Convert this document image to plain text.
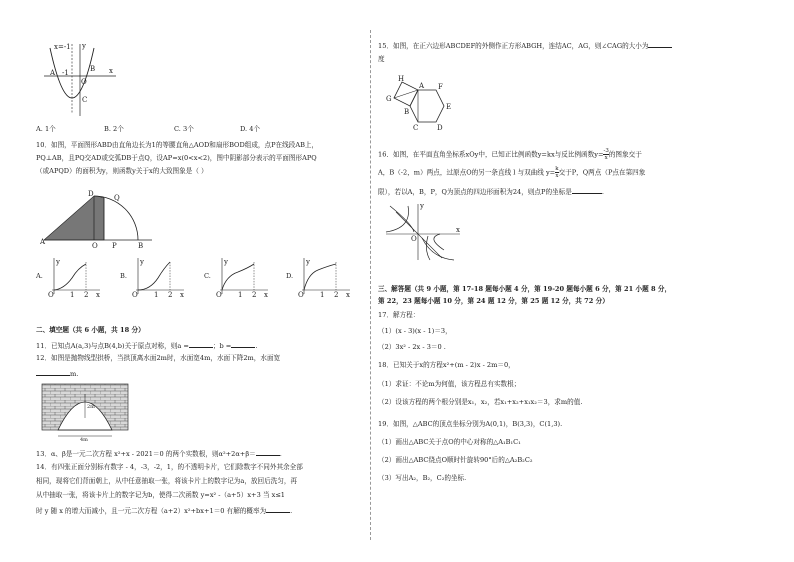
x=-1 y
A -1
O
B x
C
A. 1个	B. 2个	C. 3个	D. 4个
10．如图，平面图形ABD由直角边长为1的等腰直角△AOD和扇形BOD组成，点P在线段AB上，
PQ⊥AB，且PQ交AD或交弧DB于点Q，设AP=x(0<x<2)，图中阴影部分表示的平面图形APQ
（或APQD）的面积为y，则函数y关于x的大致图象是（ ）
D	Q
A	O P	B
A.
y
O 1 2 x
B.
y
O 1 2 x
C.
y
O 1 2 x
D.
y
O 1 2 x
二、填空题（共 6 小题，共 18 分）
11．已知点A(a,3)与点B(4,b)关于原点对称，则a =	；b =	.
12．如图是抛物线型拱桥，当拱顶离水面2m时，水面宽4m，水面下降2m，水面宽
m.
2m
4m
13．α、β是一元二次方程 x²+x - 2021＝0 的两个实数根，则α²+2α+β＝	.
14．有四张正面分别标有数字 - 4，-3，-2，1，的不透明卡片，它们除数字不同外其余全部
相同，现将它们背面朝上，从中任意抽取一张，将该卡片上的数字记为a，放回后洗匀，再
从中抽取一张，将该卡片上的数字记为b，使得二次函数 y=x² -（a+5）x+3 当 x≤1
时 y 随 x 的增大而减小，且一元二次方程（a+2）x²+bx+1＝0 有解的概率为	.
15．如图，在正六边形ABCDEF的外侧作正方形ABGH，连结AC，AG，则∠CAG的大小为
度
H
A F
G
E
B
C	D
16．如图，在平面直角坐标系xOy中，已知正比例函数y=kx与反比例函数$y= \frac{-3}{x}$ 的图象交于
A，B（-2，m）两点，过原点O的另一条直线 l 与双曲线 $y= \frac{k}{x}$ 交于P，Q两点（P点在第四象
限），若以A，B，P，Q为顶点的四边形面积为24，则点P的坐标是	.
y
x
O
三、解答题（共 9 小题，第 17-18 题每小题 4 分，第 19-20 题每小题 6 分，第 21 小题 8 分，
第 22，23 题每小题 10 分，第 24 题 12 分，第 25 题 12 分，共 72 分）
17．解方程：
（1）(x - 3)(x - 1)＝3，
（2）3x² - 2x - 3＝0 .
18．已知关于x的方程x²+(m - 2)x - 2m＝0，
（1）求证：不论m为何值，该方程总有实数根；
（2）设该方程的两个根分别是x₁，x₂，若x₁+x₂+x₁x₂＝3，求m的值.
19．如图，△ABC的顶点坐标分别为A(0,1)，B(3,3)，C(1,3).
（1）画出△ABC关于点O的中心对称的△A₁B₁C₁
（2）画出△ABC绕点O顺时针旋转90°后的△A₂B₂C₂
（3）写出A₂，B₂，C₂的坐标.
